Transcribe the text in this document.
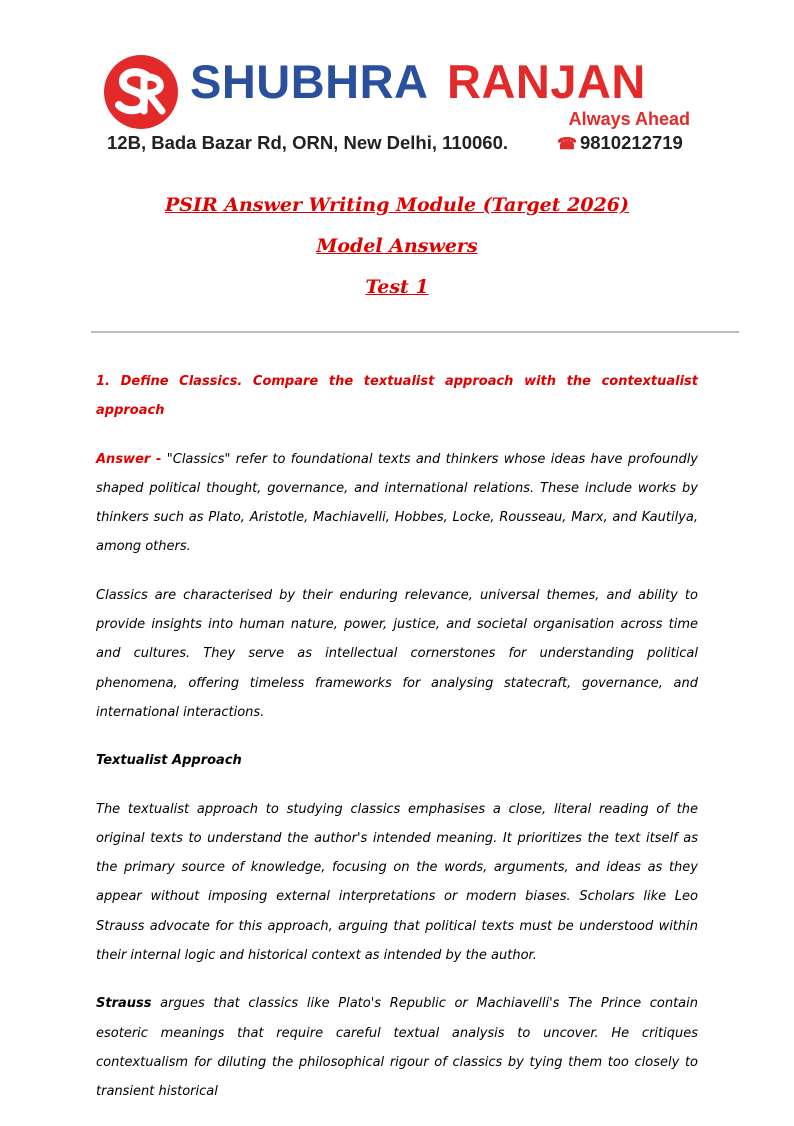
SHUBHRA RANJAN
Always Ahead
12B, Bada Bazar Rd, ORN, New Delhi, 110060.	☎ 9810212719
PSIR Answer Writing Module (Target 2026)
Model Answers
Test 1

1. Define Classics. Compare the textualist approach with the contextualist approach

Answer - "Classics" refer to foundational texts and thinkers whose ideas have profoundly shaped political thought, governance, and international relations. These include works by thinkers such as Plato, Aristotle, Machiavelli, Hobbes, Locke, Rousseau, Marx, and Kautilya, among others.

Classics are characterised by their enduring relevance, universal themes, and ability to provide insights into human nature, power, justice, and societal organisation across time and cultures. They serve as intellectual cornerstones for understanding political phenomena, offering timeless frameworks for analysing statecraft, governance, and international interactions.

Textualist Approach

The textualist approach to studying classics emphasises a close, literal reading of the original texts to understand the author's intended meaning. It prioritizes the text itself as the primary source of knowledge, focusing on the words, arguments, and ideas as they appear without imposing external interpretations or modern biases. Scholars like Leo Strauss advocate for this approach, arguing that political texts must be understood within their internal logic and historical context as intended by the author.

Strauss argues that classics like Plato's Republic or Machiavelli's The Prince contain esoteric meanings that require careful textual analysis to uncover. He critiques contextualism for diluting the philosophical rigour of classics by tying them too closely to transient historical
